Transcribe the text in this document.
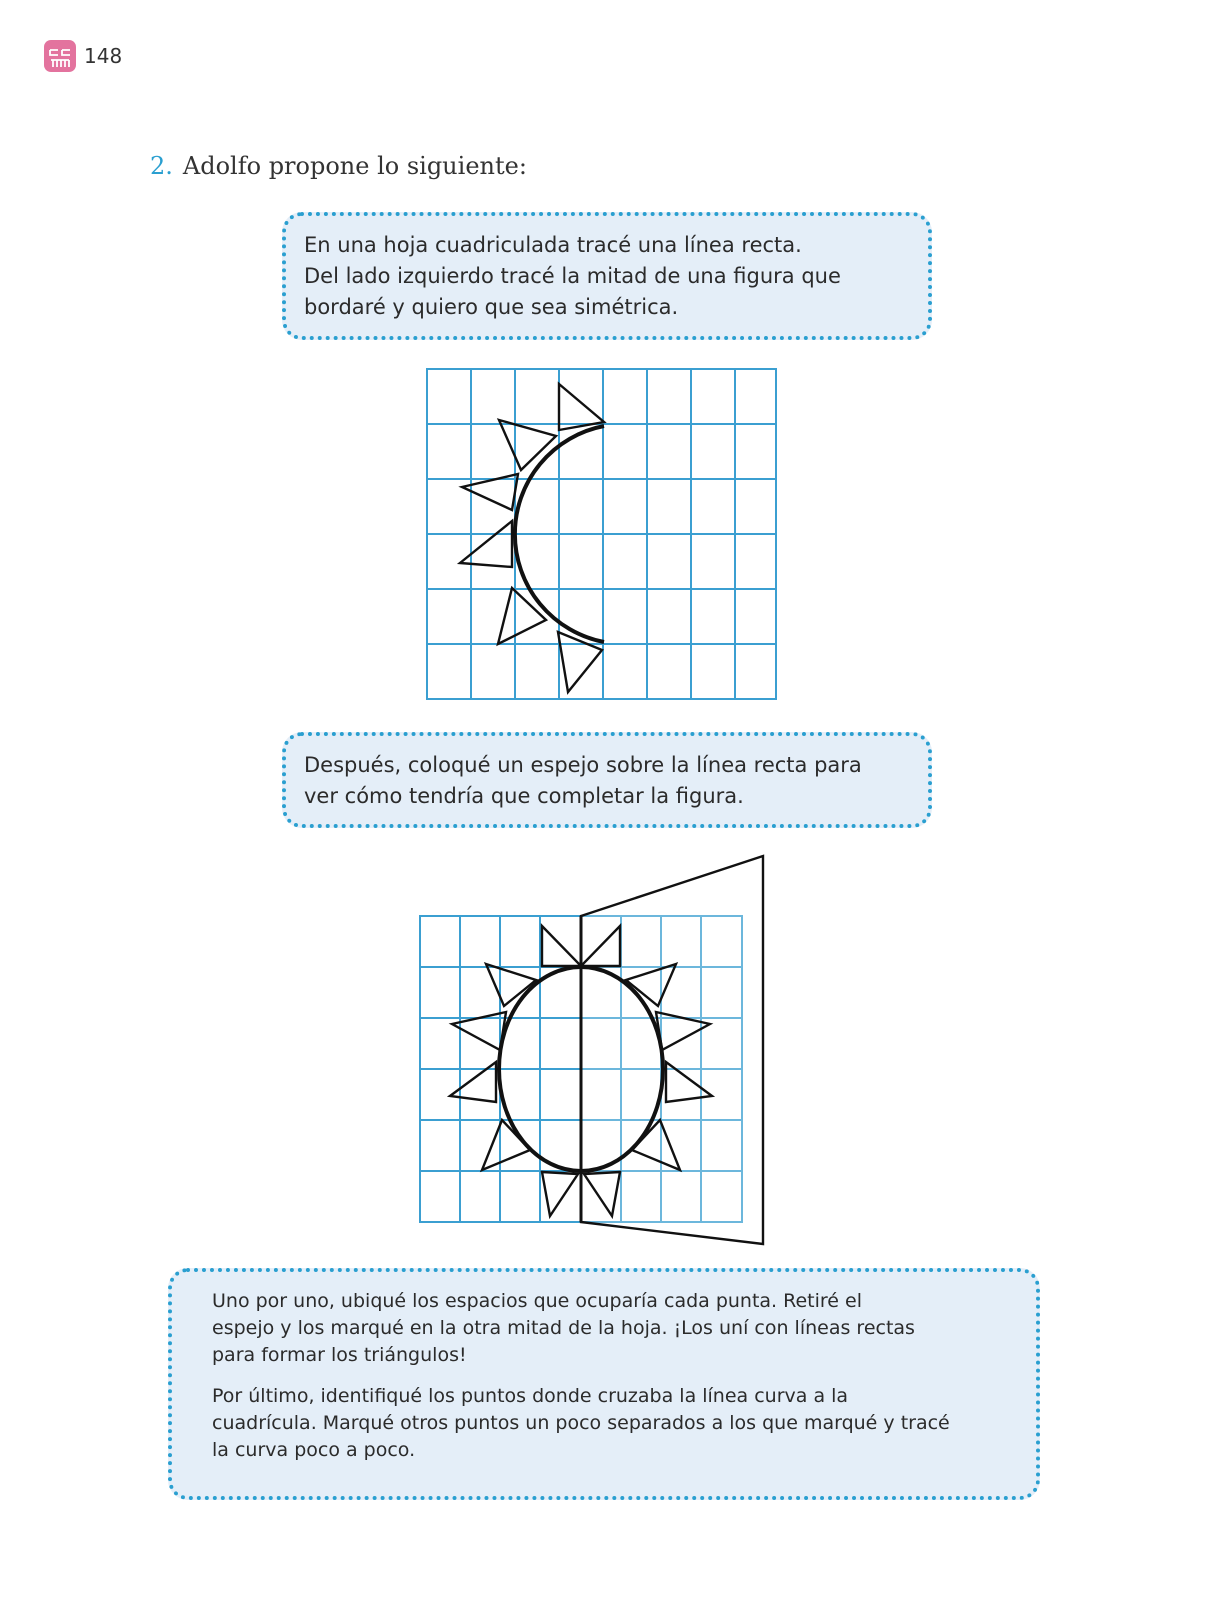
148
2. Adolfo propone lo siguiente:
En una hoja cuadriculada tracé una línea recta.
Del lado izquierdo tracé la mitad de una figura que
bordaré y quiero que sea simétrica.
Después, coloqué un espejo sobre la línea recta para
ver cómo tendría que completar la figura.

Uno por uno, ubiqué los espacios que ocuparía cada punta. Retiré el
espejo y los marqué en la otra mitad de la hoja. ¡Los uní con líneas rectas
para formar los triángulos!

Por último, identifiqué los puntos donde cruzaba la línea curva a la
cuadrícula. Marqué otros puntos un poco separados a los que marqué y tracé
la curva poco a poco.
